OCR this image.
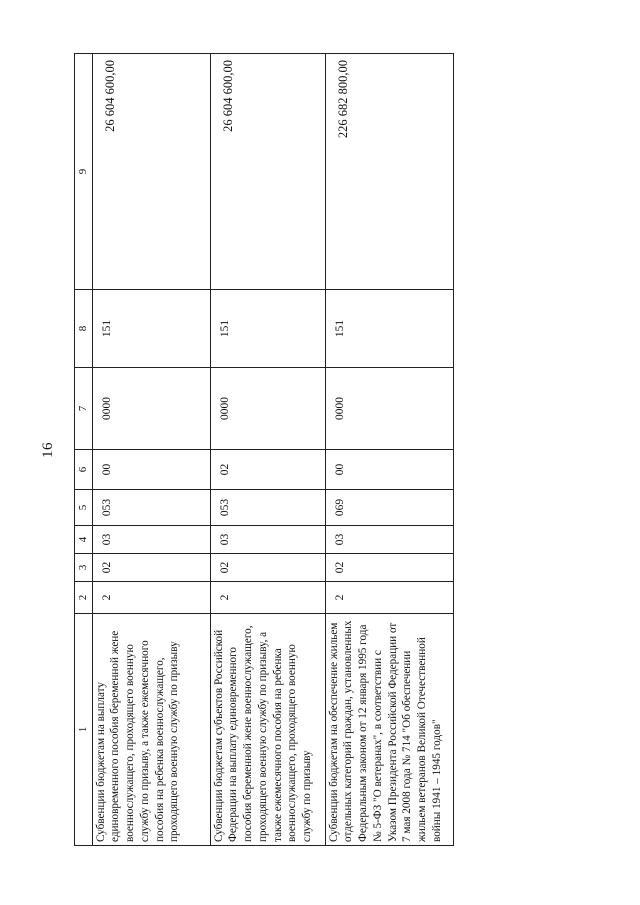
16
1	2	3	4	5	6	7	8	9
Субвенции бюджетам на выплату единовременного пособия беременной жене военнослужащего, проходящего военную службу по призыву, а также ежемесячного пособия на ребенка военнослужащего, проходящего военную службу по призыву	2	02	03	053	00	0000	151	26 604 600,00
Субвенции бюджетам субъектов Российской Федерации на выплату единовременного пособия беременной жене военнослужащего, проходящего военную службу по призыву, а также ежемесячного пособия на ребенка военнослужащего, проходящего военную службу по призыву	2	02	03	053	02	0000	151	26 604 600,00
Субвенции бюджетам на обеспечение жильем отдельных категорий граждан, установленных Федеральным законом от 12 января 1995 года № 5-ФЗ "О ветеранах", в соответствии с Указом Президента Российской Федерации от 7 мая 2008 года № 714 "Об обеспечении жильем ветеранов Великой Отечественной войны 1941 – 1945 годов"	2	02	03	069	00	0000	151	226 682 800,00
